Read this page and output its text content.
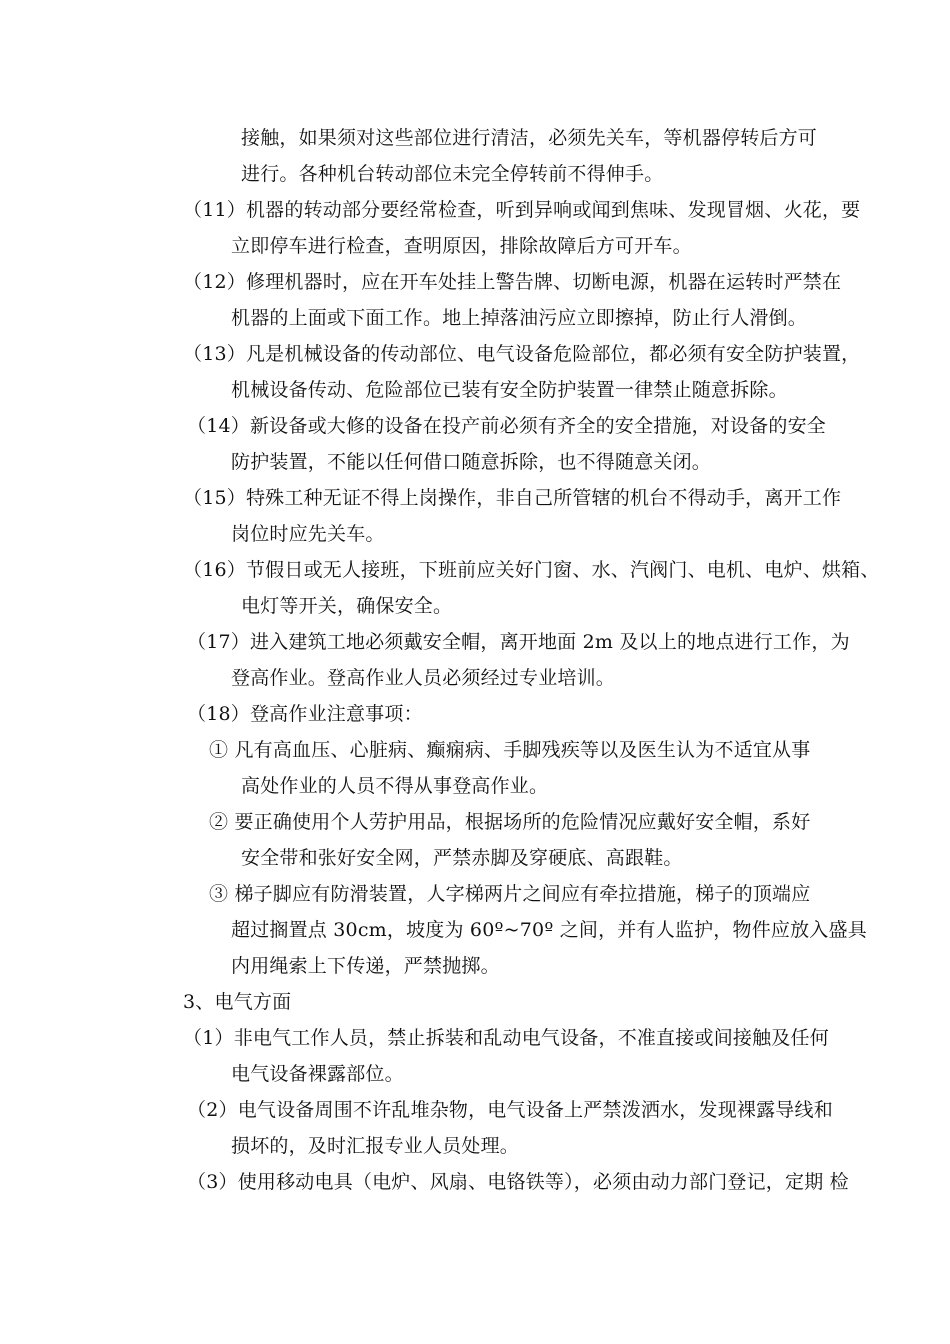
接触，如果须对这些部位进行清洁，必须先关车，等机器停转后方可
进行。各种机台转动部位未完全停转前不得伸手。
（11）机器的转动部分要经常检查，听到异响或闻到焦味、发现冒烟、火花，要
立即停车进行检查，查明原因，排除故障后方可开车。
（12）修理机器时，应在开车处挂上警告牌、切断电源，机器在运转时严禁在
机器的上面或下面工作。地上掉落油污应立即擦掉，防止行人滑倒。
（13）凡是机械设备的传动部位、电气设备危险部位，都必须有安全防护装置，
机械设备传动、危险部位已装有安全防护装置一律禁止随意拆除。
（14）新设备或大修的设备在投产前必须有齐全的安全措施，对设备的安全
防护装置，不能以任何借口随意拆除，也不得随意关闭。
（15）特殊工种无证不得上岗操作，非自己所管辖的机台不得动手，离开工作
岗位时应先关车。
（16）节假日或无人接班，下班前应关好门窗、水、汽阀门、电机、电炉、烘箱、
电灯等开关，确保安全。
（17）进入建筑工地必须戴安全帽，离开地面 2m 及以上的地点进行工作，为
登高作业。登高作业人员必须经过专业培训。
（18）登高作业注意事项：
① 凡有高血压、心脏病、癫痫病、手脚残疾等以及医生认为不适宜从事
高处作业的人员不得从事登高作业。
② 要正确使用个人劳护用品，根据场所的危险情况应戴好安全帽，系好
安全带和张好安全网，严禁赤脚及穿硬底、高跟鞋。
③ 梯子脚应有防滑装置，人字梯两片之间应有牵拉措施，梯子的顶端应
超过搁置点 30cm，坡度为 60º~70º 之间，并有人监护，物件应放入盛具
内用绳索上下传递，严禁抛掷。
3、电气方面
（1）非电气工作人员，禁止拆装和乱动电气设备，不准直接或间接触及任何
电气设备裸露部位。
（2）电气设备周围不许乱堆杂物，电气设备上严禁泼洒水，发现裸露导线和
损坏的，及时汇报专业人员处理。
（3）使用移动电具（电炉、风扇、电铬铁等），必须由动力部门登记，定期 检
